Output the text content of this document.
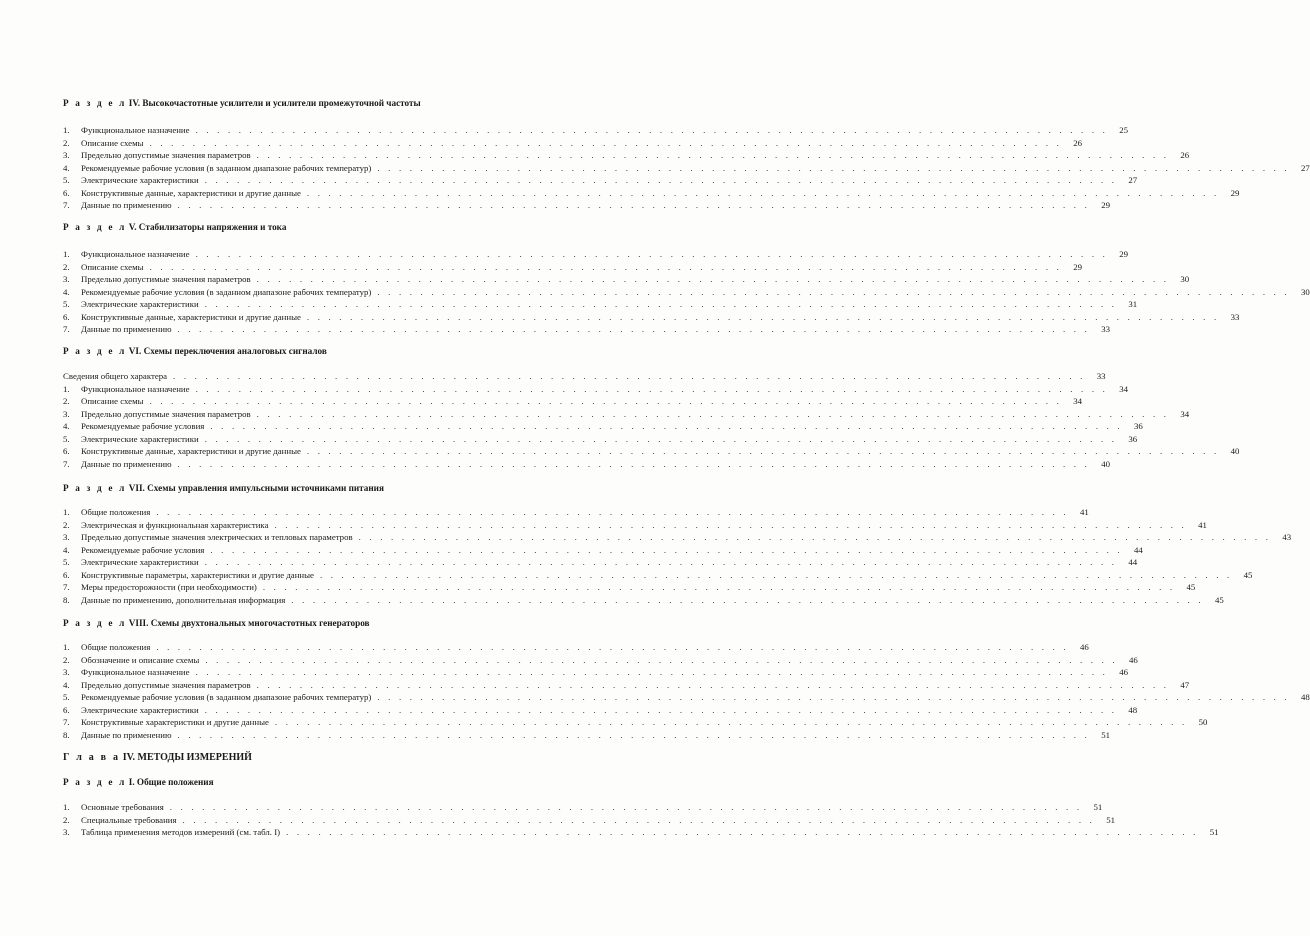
Р а з д е л IV. Высокочастотные усилители и усилители промежуточной частоты
1.	Функциональное назначение . . . . . . . . . . . . . . . . . . . . . . . . . . . . . . . . . . . . . . . . . . . . . . . . . . . . . . . . . . . . . . . . . . . . . . . . . . . . . . . . . . . . .	25
2.	Описание схемы . . . . . . . . . . . . . . . . . . . . . . . . . . . . . . . . . . . . . . . . . . . . . . . . . . . . . . . . . . . . . . . . . . . . . . . . . . . . . . . . . . . . .	26
3.	Предельно допустимые значения параметров . . . . . . . . . . . . . . . . . . . . . . . . . . . . . . . . . . . . . . . . . . . . . . . . . . . . . . . . . . . . . . . . . . . . . . . . . . . . . . . . . . . . .	26
4.	Рекомендуемые рабочие условия (в заданном диапазоне рабочих температур) . . . . . . . . . . . . . . . . . . . . . . . . . . . . . . . . . . . . . . . . . . . . . . . . . . . . . . . . . . . . . . . . . . . . . . . . . . . . . . . . . . . . .	27
5.	Электрические характеристики . . . . . . . . . . . . . . . . . . . . . . . . . . . . . . . . . . . . . . . . . . . . . . . . . . . . . . . . . . . . . . . . . . . . . . . . . . . . . . . . . . . . .	27
6.	Конструктивные данные, характеристики и другие данные . . . . . . . . . . . . . . . . . . . . . . . . . . . . . . . . . . . . . . . . . . . . . . . . . . . . . . . . . . . . . . . . . . . . . . . . . . . . . . . . . . . . .	29
7.	Данные по применению . . . . . . . . . . . . . . . . . . . . . . . . . . . . . . . . . . . . . . . . . . . . . . . . . . . . . . . . . . . . . . . . . . . . . . . . . . . . . . . . . . . . .	29
Р а з д е л V. Стабилизаторы напряжения и тока
1.	Функциональное назначение . . . . . . . . . . . . . . . . . . . . . . . . . . . . . . . . . . . . . . . . . . . . . . . . . . . . . . . . . . . . . . . . . . . . . . . . . . . . . . . . . . . . .	29
2.	Описание схемы . . . . . . . . . . . . . . . . . . . . . . . . . . . . . . . . . . . . . . . . . . . . . . . . . . . . . . . . . . . . . . . . . . . . . . . . . . . . . . . . . . . . .	29
3.	Предельно допустимые значения параметров . . . . . . . . . . . . . . . . . . . . . . . . . . . . . . . . . . . . . . . . . . . . . . . . . . . . . . . . . . . . . . . . . . . . . . . . . . . . . . . . . . . . .	30
4.	Рекомендуемые рабочие условия (в заданном диапазоне рабочих температур) . . . . . . . . . . . . . . . . . . . . . . . . . . . . . . . . . . . . . . . . . . . . . . . . . . . . . . . . . . . . . . . . . . . . . . . . . . . . . . . . . . . . .	30
5.	Электрические характеристики . . . . . . . . . . . . . . . . . . . . . . . . . . . . . . . . . . . . . . . . . . . . . . . . . . . . . . . . . . . . . . . . . . . . . . . . . . . . . . . . . . . . .	31
6.	Конструктивные данные, характеристики и другие данные . . . . . . . . . . . . . . . . . . . . . . . . . . . . . . . . . . . . . . . . . . . . . . . . . . . . . . . . . . . . . . . . . . . . . . . . . . . . . . . . . . . . .	33
7.	Данные по применению . . . . . . . . . . . . . . . . . . . . . . . . . . . . . . . . . . . . . . . . . . . . . . . . . . . . . . . . . . . . . . . . . . . . . . . . . . . . . . . . . . . . .	33
Р а з д е л VI. Схемы переключения аналоговых сигналов
Сведения общего характера . . . . . . . . . . . . . . . . . . . . . . . . . . . . . . . . . . . . . . . . . . . . . . . . . . . . . . . . . . . . . . . . . . . . . . . . . . . . . . . . . . . . .	33
1.	Функциональное назначение . . . . . . . . . . . . . . . . . . . . . . . . . . . . . . . . . . . . . . . . . . . . . . . . . . . . . . . . . . . . . . . . . . . . . . . . . . . . . . . . . . . . .	34
2.	Описание схемы . . . . . . . . . . . . . . . . . . . . . . . . . . . . . . . . . . . . . . . . . . . . . . . . . . . . . . . . . . . . . . . . . . . . . . . . . . . . . . . . . . . . .	34
3.	Предельно допустимые значения параметров . . . . . . . . . . . . . . . . . . . . . . . . . . . . . . . . . . . . . . . . . . . . . . . . . . . . . . . . . . . . . . . . . . . . . . . . . . . . . . . . . . . . .	34
4.	Рекомендуемые рабочие условия . . . . . . . . . . . . . . . . . . . . . . . . . . . . . . . . . . . . . . . . . . . . . . . . . . . . . . . . . . . . . . . . . . . . . . . . . . . . . . . . . . . . .	36
5.	Электрические характеристики . . . . . . . . . . . . . . . . . . . . . . . . . . . . . . . . . . . . . . . . . . . . . . . . . . . . . . . . . . . . . . . . . . . . . . . . . . . . . . . . . . . . .	36
6.	Конструктивные данные, характеристики и другие данные . . . . . . . . . . . . . . . . . . . . . . . . . . . . . . . . . . . . . . . . . . . . . . . . . . . . . . . . . . . . . . . . . . . . . . . . . . . . . . . . . . . . .	40
7.	Данные по применению . . . . . . . . . . . . . . . . . . . . . . . . . . . . . . . . . . . . . . . . . . . . . . . . . . . . . . . . . . . . . . . . . . . . . . . . . . . . . . . . . . . . .	40
Р а з д е л VII. Схемы управления импульсными источниками питания
1.	Общие положения . . . . . . . . . . . . . . . . . . . . . . . . . . . . . . . . . . . . . . . . . . . . . . . . . . . . . . . . . . . . . . . . . . . . . . . . . . . . . . . . . . . . .	41
2.	Электрическая и функциональная характеристика . . . . . . . . . . . . . . . . . . . . . . . . . . . . . . . . . . . . . . . . . . . . . . . . . . . . . . . . . . . . . . . . . . . . . . . . . . . . . . . . . . . . .	41
3.	Предельно допустимые значения электрических и тепловых параметров . . . . . . . . . . . . . . . . . . . . . . . . . . . . . . . . . . . . . . . . . . . . . . . . . . . . . . . . . . . . . . . . . . . . . . . . . . . . . . . . . . . . .	43
4.	Рекомендуемые рабочие условия . . . . . . . . . . . . . . . . . . . . . . . . . . . . . . . . . . . . . . . . . . . . . . . . . . . . . . . . . . . . . . . . . . . . . . . . . . . . . . . . . . . . .	44
5.	Электрические характеристики . . . . . . . . . . . . . . . . . . . . . . . . . . . . . . . . . . . . . . . . . . . . . . . . . . . . . . . . . . . . . . . . . . . . . . . . . . . . . . . . . . . . .	44
6.	Конструктивные параметры, характеристики и другие данные . . . . . . . . . . . . . . . . . . . . . . . . . . . . . . . . . . . . . . . . . . . . . . . . . . . . . . . . . . . . . . . . . . . . . . . . . . . . . . . . . . . . .	45
7.	Меры предосторожности (при необходимости) . . . . . . . . . . . . . . . . . . . . . . . . . . . . . . . . . . . . . . . . . . . . . . . . . . . . . . . . . . . . . . . . . . . . . . . . . . . . . . . . . . . . .	45
8.	Данные по применению, дополнительная информация . . . . . . . . . . . . . . . . . . . . . . . . . . . . . . . . . . . . . . . . . . . . . . . . . . . . . . . . . . . . . . . . . . . . . . . . . . . . . . . . . . . . .	45
Р а з д е л VIII. Схемы двухтональных многочастотных генераторов
1.	Общие положения . . . . . . . . . . . . . . . . . . . . . . . . . . . . . . . . . . . . . . . . . . . . . . . . . . . . . . . . . . . . . . . . . . . . . . . . . . . . . . . . . . . . .	46
2.	Обозначение и описание схемы . . . . . . . . . . . . . . . . . . . . . . . . . . . . . . . . . . . . . . . . . . . . . . . . . . . . . . . . . . . . . . . . . . . . . . . . . . . . . . . . . . . . .	46
3.	Функциональное назначение . . . . . . . . . . . . . . . . . . . . . . . . . . . . . . . . . . . . . . . . . . . . . . . . . . . . . . . . . . . . . . . . . . . . . . . . . . . . . . . . . . . . .	46
4.	Предельно допустимые значения параметров . . . . . . . . . . . . . . . . . . . . . . . . . . . . . . . . . . . . . . . . . . . . . . . . . . . . . . . . . . . . . . . . . . . . . . . . . . . . . . . . . . . . .	47
5.	Рекомендуемые рабочие условия (в заданном диапазоне рабочих температур) . . . . . . . . . . . . . . . . . . . . . . . . . . . . . . . . . . . . . . . . . . . . . . . . . . . . . . . . . . . . . . . . . . . . . . . . . . . . . . . . . . . . .	48
6.	Электрические характеристики . . . . . . . . . . . . . . . . . . . . . . . . . . . . . . . . . . . . . . . . . . . . . . . . . . . . . . . . . . . . . . . . . . . . . . . . . . . . . . . . . . . . .	48
7.	Конструктивные характеристики и другие данные . . . . . . . . . . . . . . . . . . . . . . . . . . . . . . . . . . . . . . . . . . . . . . . . . . . . . . . . . . . . . . . . . . . . . . . . . . . . . . . . . . . . .	50
8.	Данные по применению . . . . . . . . . . . . . . . . . . . . . . . . . . . . . . . . . . . . . . . . . . . . . . . . . . . . . . . . . . . . . . . . . . . . . . . . . . . . . . . . . . . . .	51
Г л а в а IV. МЕТОДЫ ИЗМЕРЕНИЙ
Р а з д е л I. Общие положения
1.	Основные требования . . . . . . . . . . . . . . . . . . . . . . . . . . . . . . . . . . . . . . . . . . . . . . . . . . . . . . . . . . . . . . . . . . . . . . . . . . . . . . . . . . . . .	51
2.	Специальные требования . . . . . . . . . . . . . . . . . . . . . . . . . . . . . . . . . . . . . . . . . . . . . . . . . . . . . . . . . . . . . . . . . . . . . . . . . . . . . . . . . . . . .	51
3.	Таблица применения методов измерений (см. табл. I) . . . . . . . . . . . . . . . . . . . . . . . . . . . . . . . . . . . . . . . . . . . . . . . . . . . . . . . . . . . . . . . . . . . . . . . . . . . . . . . . . . . . .	51
